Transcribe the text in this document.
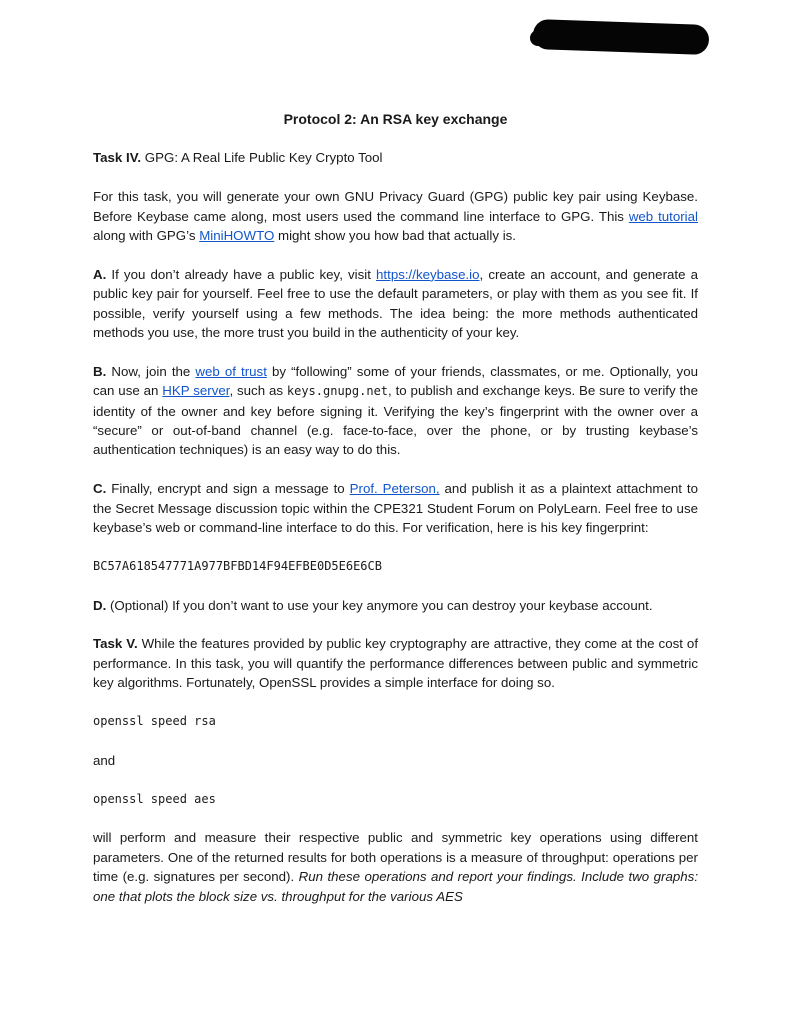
Protocol 2: An RSA key exchange

Task IV. GPG: A Real Life Public Key Crypto Tool

For this task, you will generate your own GNU Privacy Guard (GPG) public key pair using Keybase. Before Keybase came along, most users used the command line interface to GPG. This web tutorial along with GPG’s MiniHOWTO might show you how bad that actually is.

A. If you don’t already have a public key, visit https://keybase.io, create an account, and generate a public key pair for yourself. Feel free to use the default parameters, or play with them as you see fit. If possible, verify yourself using a few methods. The idea being: the more methods authenticated methods you use, the more trust you build in the authenticity of your key.

B. Now, join the web of trust by “following” some of your friends, classmates, or me. Optionally, you can use an HKP server, such as keys.gnupg.net, to publish and exchange keys. Be sure to verify the identity of the owner and key before signing it. Verifying the key’s fingerprint with the owner over a “secure” or out-of-band channel (e.g. face-to-face, over the phone, or by trusting keybase’s authentication techniques) is an easy way to do this.

C. Finally, encrypt and sign a message to Prof. Peterson, and publish it as a plaintext attachment to the Secret Message discussion topic within the CPE321 Student Forum on PolyLearn. Feel free to use keybase’s web or command-line interface to do this. For verification, here is his key fingerprint:

BC57A618547771A977BFBD14F94EFBE0D5E6E6CB

D. (Optional) If you don’t want to use your key anymore you can destroy your keybase account.

Task V. While the features provided by public key cryptography are attractive, they come at the cost of performance. In this task, you will quantify the performance differences between public and symmetric key algorithms. Fortunately, OpenSSL provides a simple interface for doing so.

openssl speed rsa

and

openssl speed aes

will perform and measure their respective public and symmetric key operations using different parameters. One of the returned results for both operations is a measure of throughput: operations per time (e.g. signatures per second). Run these operations and report your findings. Include two graphs: one that plots the block size vs. throughput for the various AES
